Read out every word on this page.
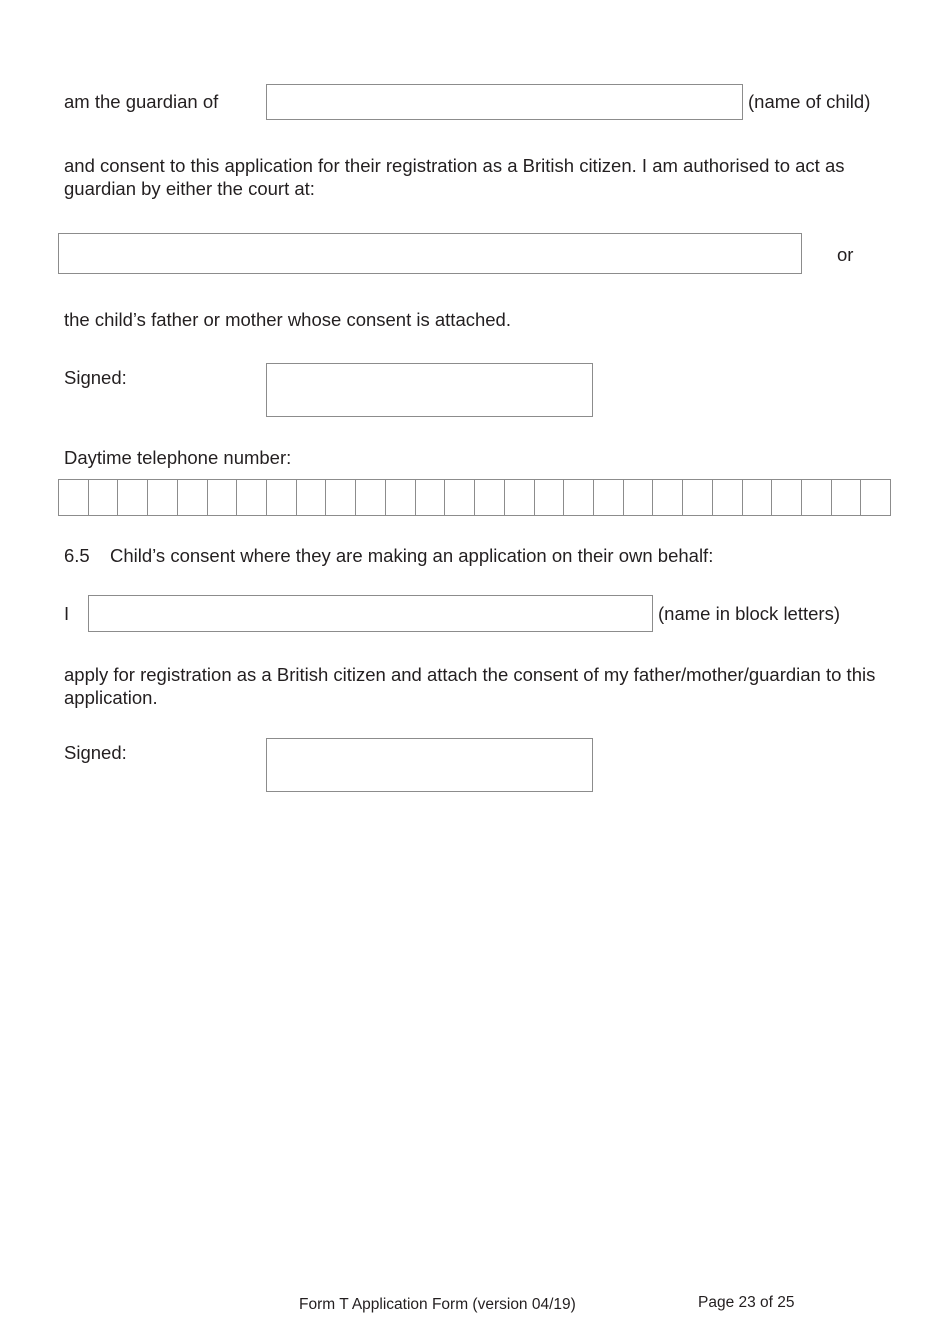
am the guardian of	(name of child)
and consent to this application for their registration as a British citizen. I am authorised to act as guardian by either the court at:
or
the child’s father or mother whose consent is attached.
Signed:
Daytime telephone number:
6.5 Child’s consent where they are making an application on their own behalf:
I	(name in block letters)
apply for registration as a British citizen and attach the consent of my father/mother/guardian to this application.
Signed:
Form T Application Form (version 04/19)	Page 23 of 25
